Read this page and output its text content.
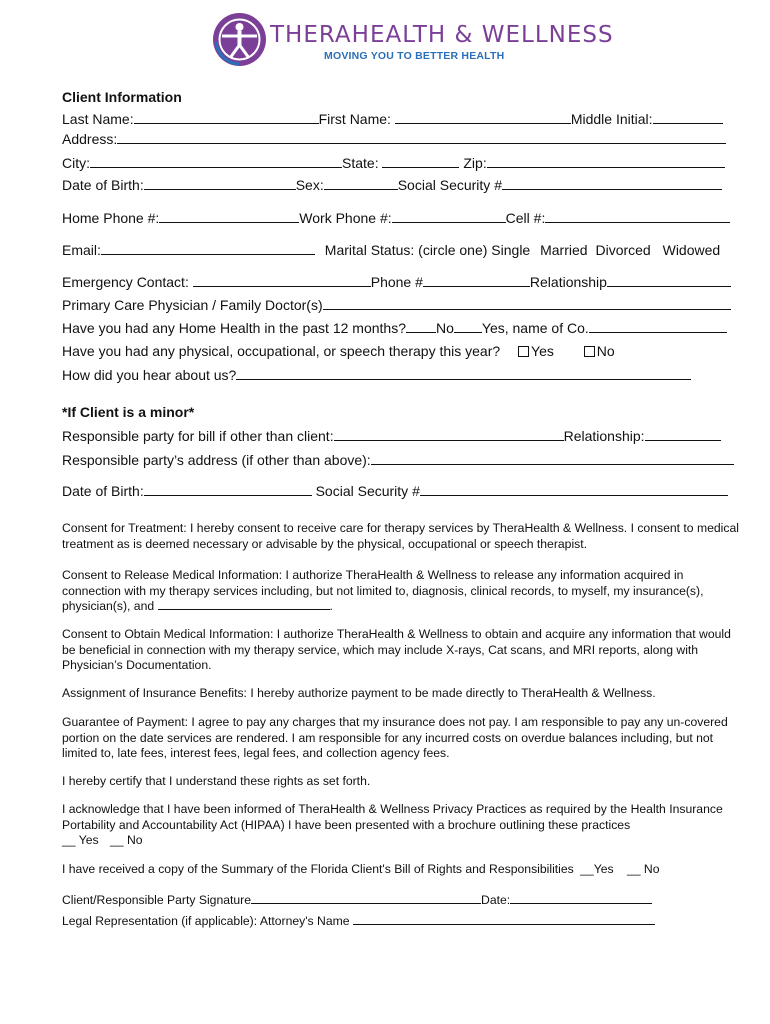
THERAHEALTH & WELLNESS
MOVING YOU TO BETTER HEALTH
Client Information
Last Name:	First Name:	Middle Initial:
Address:
City:	State:	Zip:
Date of Birth:	Sex:	Social Security #
Home Phone #:	Work Phone #:	Cell #:
Email:	Marital Status: (circle one) Single Married Divorced Widowed
Emergency Contact:	Phone #	Relationship
Primary Care Physician / Family Doctor(s)
Have you had any Home Health in the past 12 months? No Yes, name of Co.
Have you had any physical, occupational, or speech therapy this year? Yes	No
How did you hear about us?
*If Client is a minor*
Responsible party for bill if other than client:	Relationship:
Responsible party’s address (if other than above):
Date of Birth:	Social Security #
Consent for Treatment: I hereby consent to receive care for therapy services by TheraHealth & Wellness. I consent to medical treatment as is deemed necessary or advisable by the physical, occupational or speech therapist.
Consent to Release Medical Information: I authorize TheraHealth & Wellness to release any information acquired in connection with my therapy services including, but not limited to, diagnosis, clinical records, to myself, my insurance(s), physician(s), and	.
Consent to Obtain Medical Information: I authorize TheraHealth & Wellness to obtain and acquire any information that would be beneficial in connection with my therapy service, which may include X-rays, Cat scans, and MRI reports, along with Physician’s Documentation.
Assignment of Insurance Benefits: I hereby authorize payment to be made directly to TheraHealth & Wellness.
Guarantee of Payment: I agree to pay any charges that my insurance does not pay. I am responsible to pay any un-covered portion on the date services are rendered. I am responsible for any incurred costs on overdue balances including, but not limited to, late fees, interest fees, legal fees, and collection agency fees.
I hereby certify that I understand these rights as set forth.
I acknowledge that I have been informed of TheraHealth & Wellness Privacy Practices as required by the Health Insurance Portability and Accountability Act (HIPAA) I have been presented with a brochure outlining these practices
__ Yes __ No
I have received a copy of the Summary of the Florida Client's Bill of Rights and Responsibilities __Yes __ No
Client/Responsible Party Signature	Date:
Legal Representation (if applicable): Attorney's Name
